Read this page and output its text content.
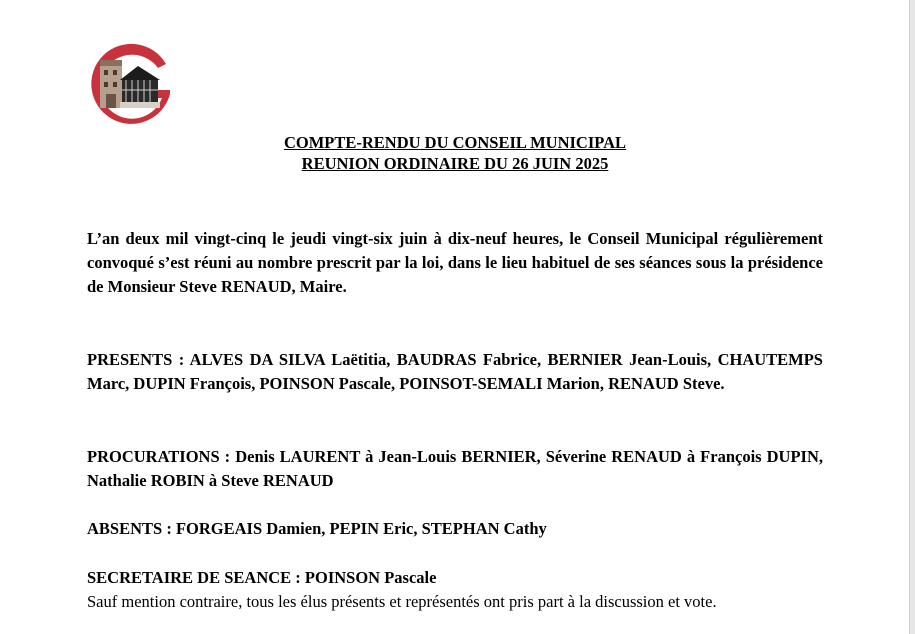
COMPTE-RENDU DU CONSEIL MUNICIPAL
REUNION ORDINAIRE DU 26 JUIN 2025
L’an deux mil vingt-cinq le jeudi vingt-six juin à dix-neuf heures, le Conseil Municipal régulièrement convoqué s’est réuni au nombre prescrit par la loi, dans le lieu habituel de ses séances sous la présidence de Monsieur Steve RENAUD, Maire.
PRESENTS : ALVES DA SILVA Laëtitia, BAUDRAS Fabrice, BERNIER Jean-Louis, CHAUTEMPS Marc, DUPIN François, POINSON Pascale, POINSOT-SEMALI Marion, RENAUD Steve.
PROCURATIONS : Denis LAURENT à Jean-Louis BERNIER, Séverine RENAUD à François DUPIN, Nathalie ROBIN à Steve RENAUD
ABSENTS : FORGEAIS Damien, PEPIN Eric, STEPHAN Cathy
SECRETAIRE DE SEANCE : POINSON Pascale
Sauf mention contraire, tous les élus présents et représentés ont pris part à la discussion et vote.
